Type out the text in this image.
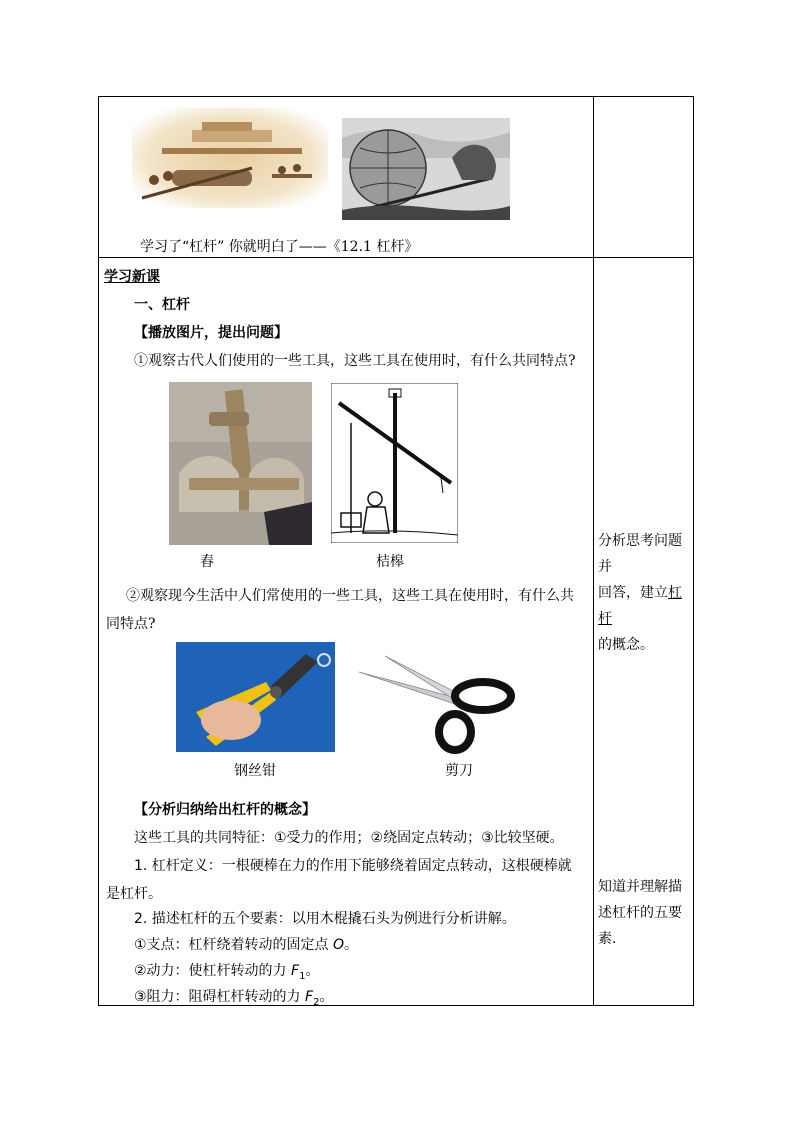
学习了“杠杆” 你就明白了——《12.1 杠杆》
学习新课
一、杠杆
【播放图片，提出问题】
①观察古代人们使用的一些工具，这些工具在使用时，有什么共同特点?
舂	桔槔
②观察现今生活中人们常使用的一些工具，这些工具在使用时，有什么共
同特点?
钢丝钳	剪刀
【分析归纳给出杠杆的概念】
这些工具的共同特征：①受力的作用；②绕固定点转动；③比较坚硬。
1. 杠杆定义：一根硬棒在力的作用下能够绕着固定点转动，这根硬棒就
是杠杆。
2. 描述杠杆的五个要素：以用木棍撬石头为例进行分析讲解。
①支点：杠杆绕着转动的固定点 O。
②动力：使杠杆转动的力 $F_1$。
③阻力：阻碍杠杆转动的力 $F_2$。
分析思考问题并
回答，建立杠杆
的概念。
知道并理解描
述杠杆的五要
素.
